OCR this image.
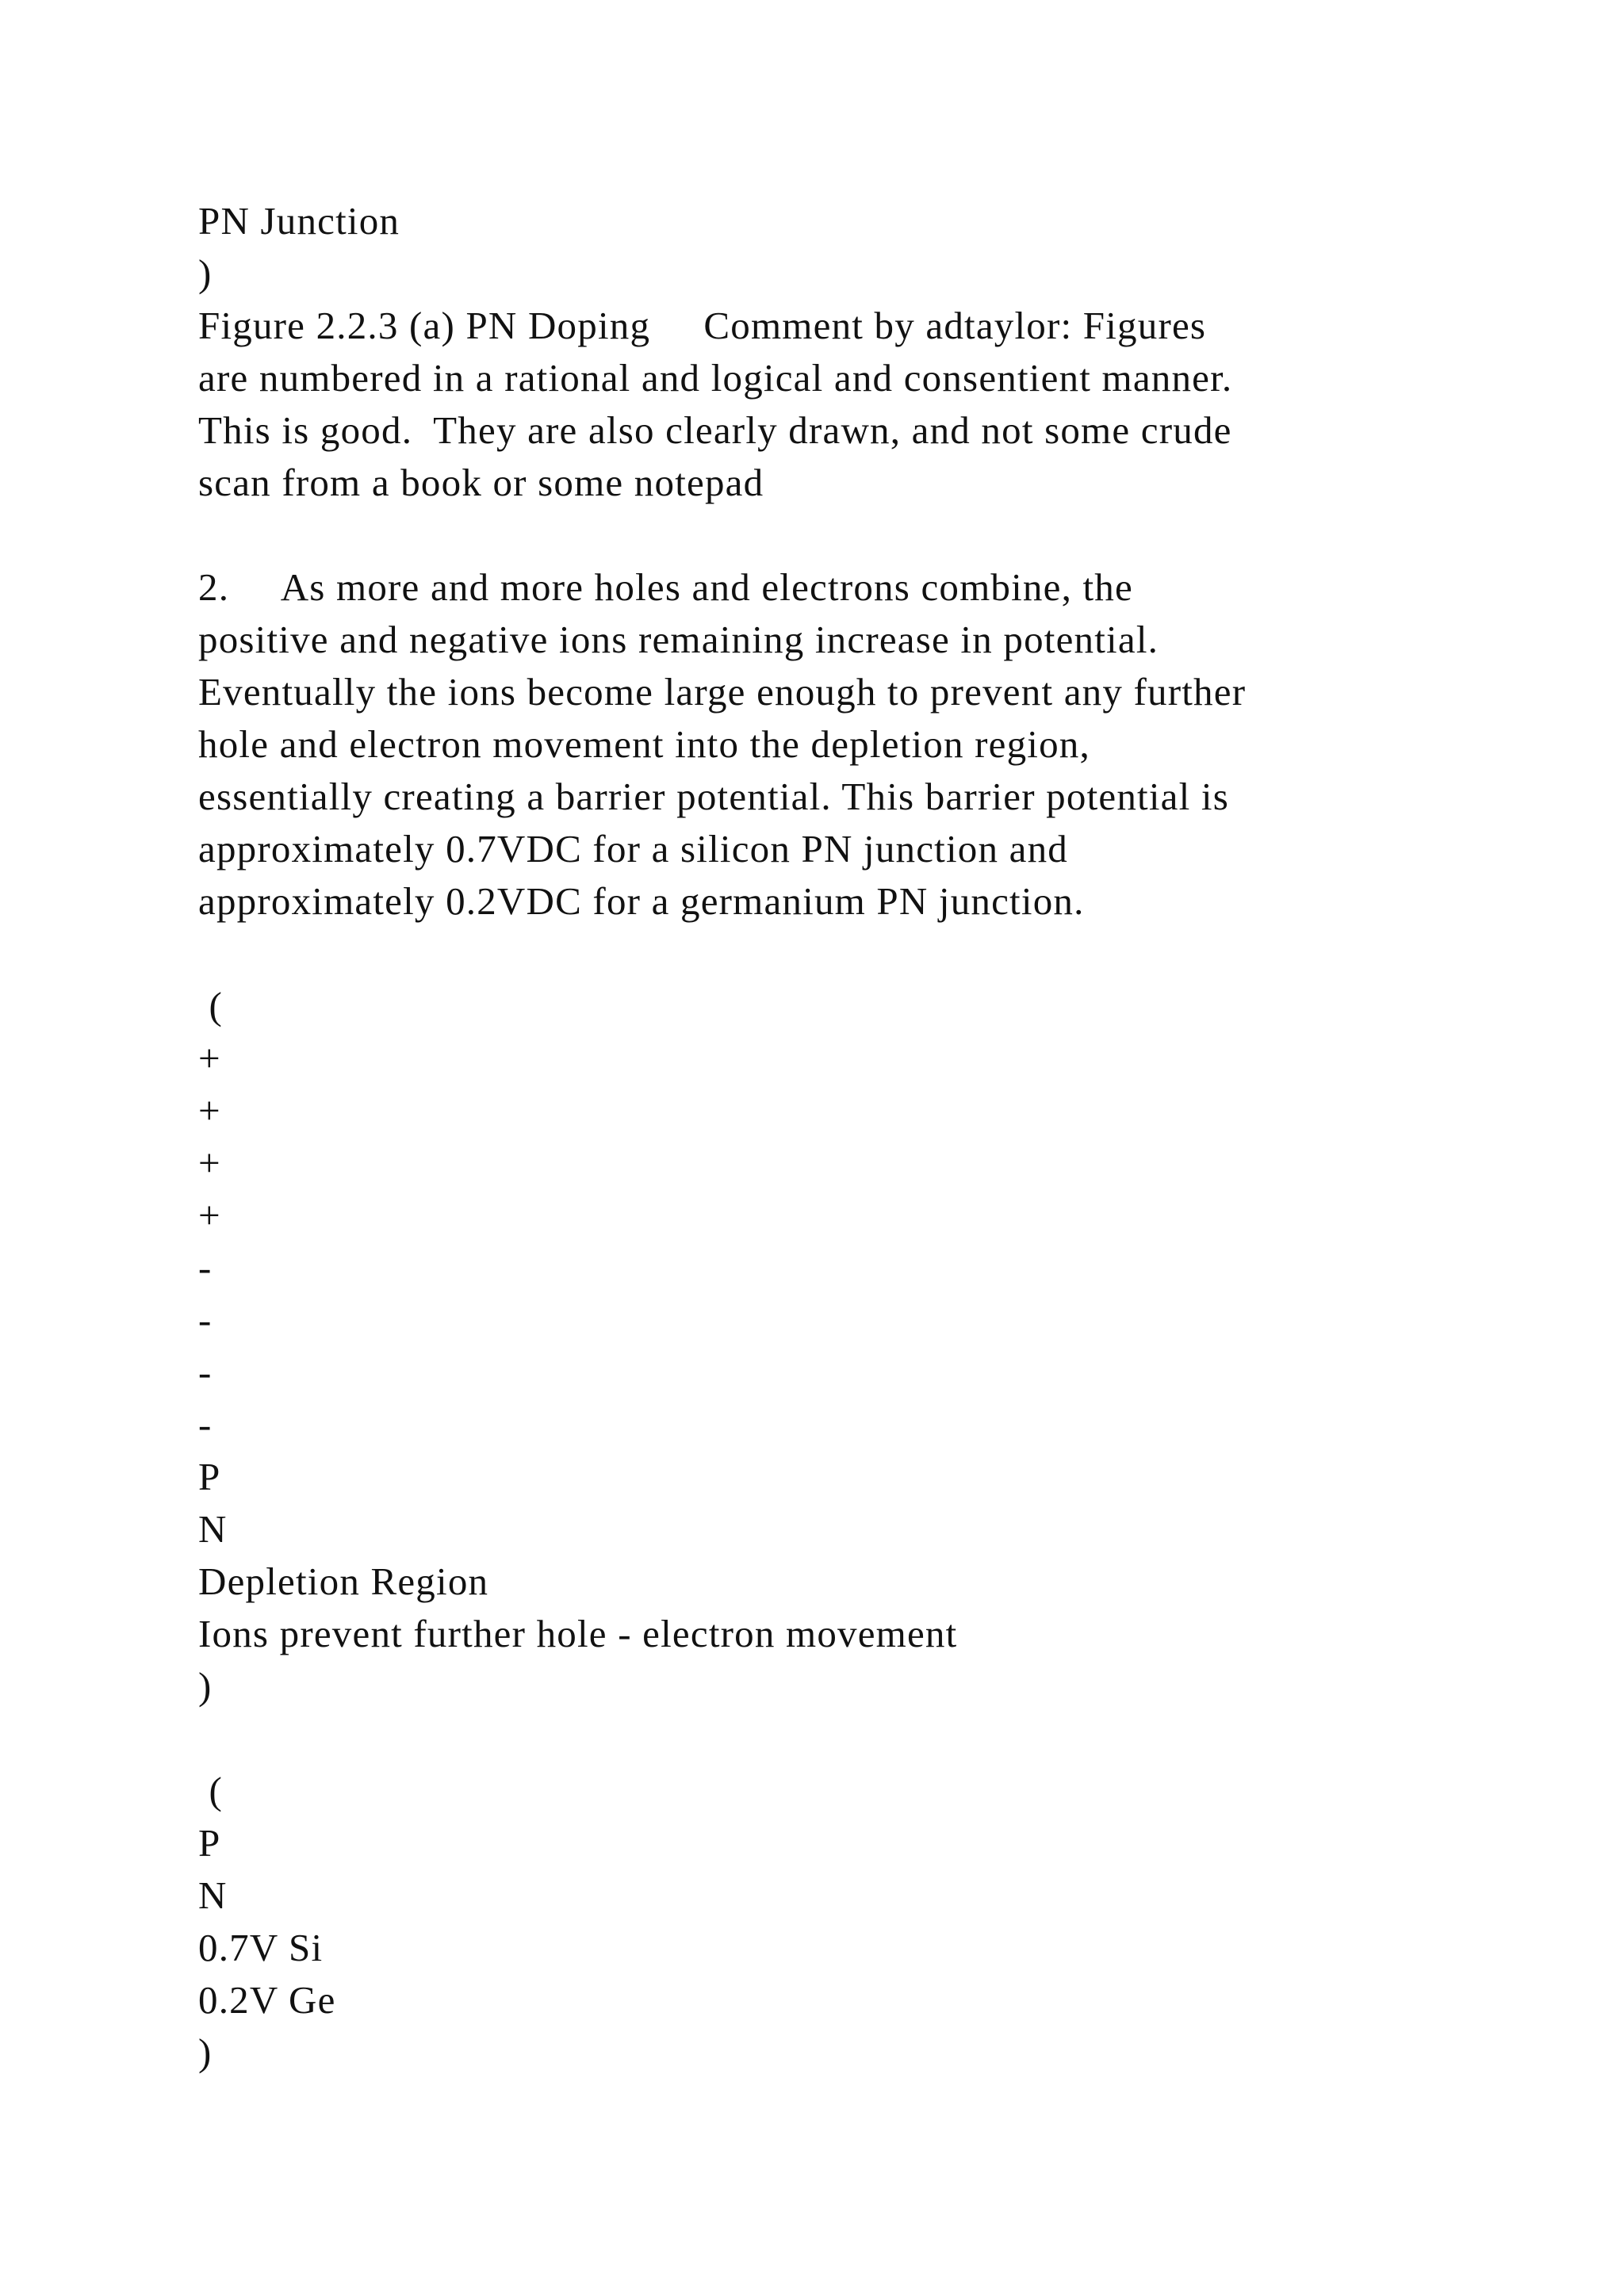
PN Junction
)
Figure 2.2.3 (a) PN Doping Comment by adtaylor: Figures
are numbered in a rational and logical and consentient manner.
This is good.  They are also clearly drawn, and not some crude
scan from a book or some notepad
2. As more and more holes and electrons combine, the
positive and negative ions remaining increase in potential.
Eventually the ions become large enough to prevent any further
hole and electron movement into the depletion region,
essentially creating a barrier potential. This barrier potential is
approximately 0.7VDC for a silicon PN junction and
approximately 0.2VDC for a germanium PN junction.
(
+
+
+
+
-
-
-
-
P
N
Depletion Region
Ions prevent further hole - electron movement
)
(
P
N
0.7V Si
0.2V Ge
)
